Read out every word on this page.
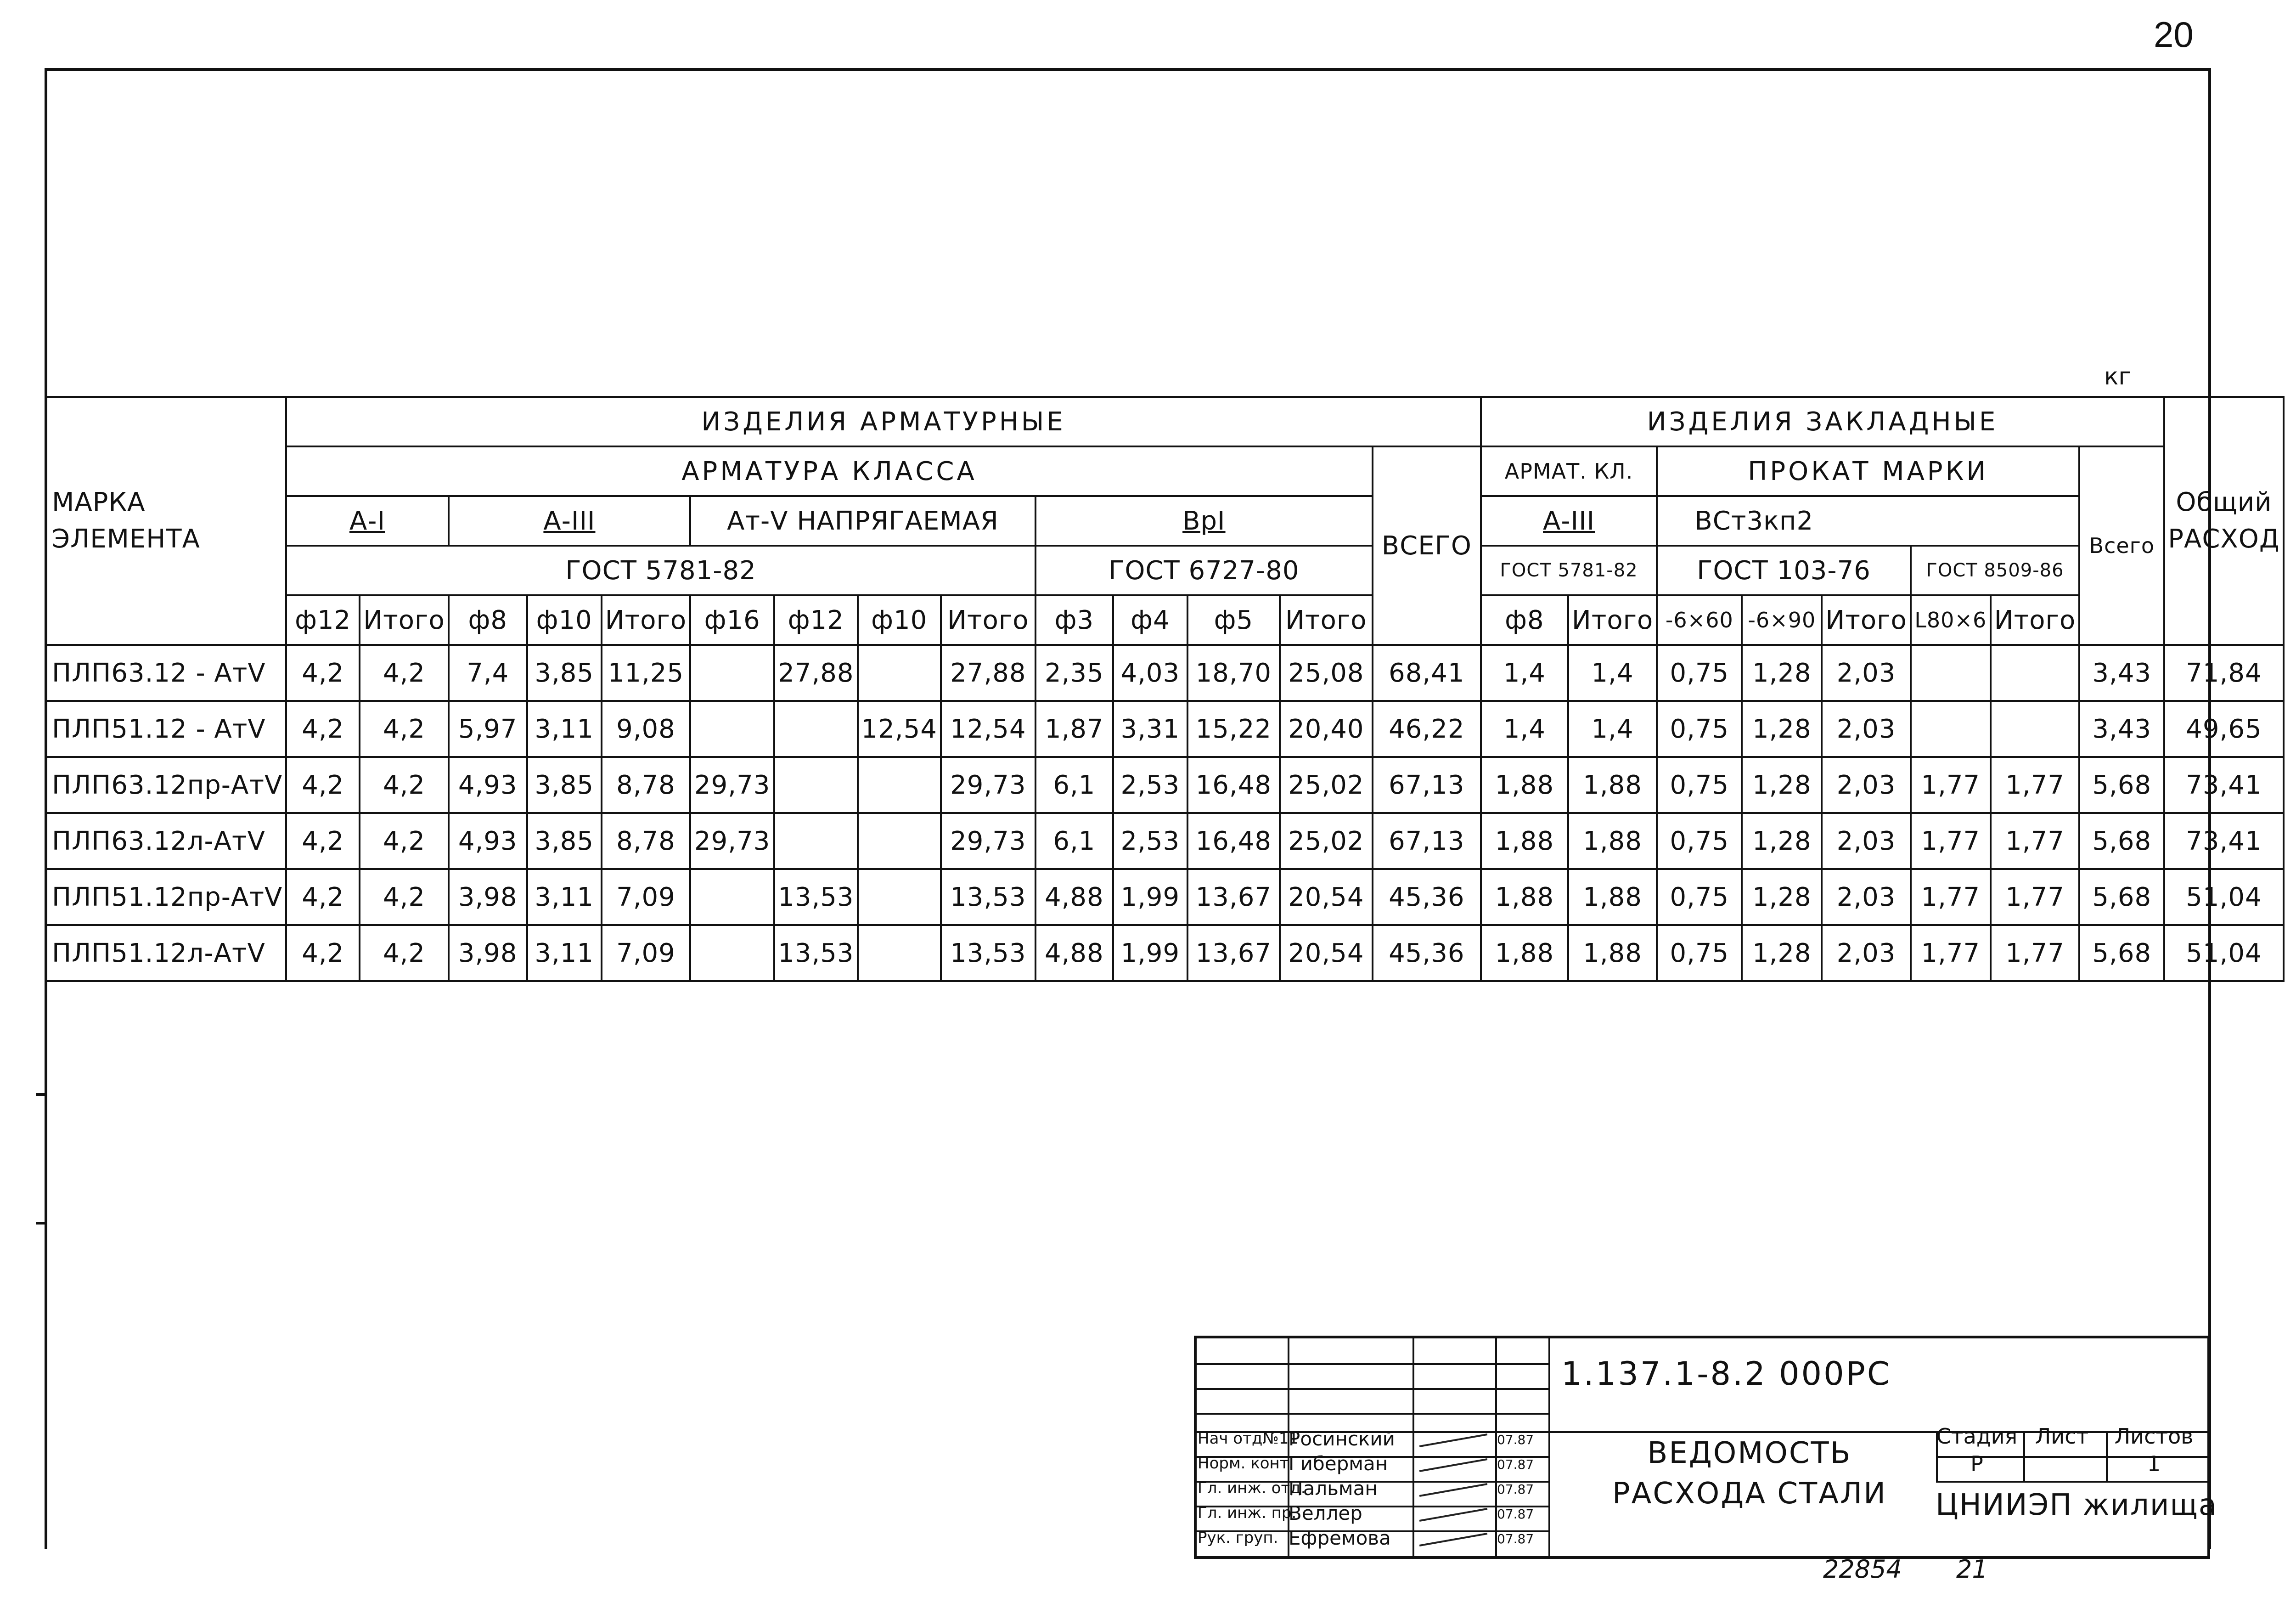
20
кг
МАРКА ЭЛЕМЕНТА	ИЗДЕЛИЯ АРМАТУРНЫЕ														ИЗДЕЛИЯ ЗАКЛАДНЫЕ								Общий
РАСХОД
	АРМАТУРА КЛАССА													ВСЕГО	АРМАТ. КЛ.		ПРОКАТ МАРКИ					Всего	
	А-I		А-III			Ат-V НАПРЯГАЕМАЯ				ВpI					А-III		ВСт3кп2						
	ГОСТ 5781-82									ГОСТ 6727-80					ГОСТ 5781-82		ГОСТ 103-76			ГОСТ 8509-86			
	ф12	Итого	ф8	ф10	Итого	ф16	ф12	ф10	Итого	ф3	ф4	ф5	Итого		ф8	Итого	-6×60	-6×90	Итого	L80×6	Итого		
ПЛП63.12 - АтV	4,2	4,2	7,4	3,85	11,25		27,88		27,88	2,35	4,03	18,70	25,08	68,41	1,4	1,4	0,75	1,28	2,03			3,43	71,84
ПЛП51.12 - АтV	4,2	4,2	5,97	3,11	9,08			12,54	12,54	1,87	3,31	15,22	20,40	46,22	1,4	1,4	0,75	1,28	2,03			3,43	49,65
ПЛП63.12пр-АтV	4,2	4,2	4,93	3,85	8,78	29,73			29,73	6,1	2,53	16,48	25,02	67,13	1,88	1,88	0,75	1,28	2,03	1,77	1,77	5,68	73,41
ПЛП63.12л-АтV	4,2	4,2	4,93	3,85	8,78	29,73			29,73	6,1	2,53	16,48	25,02	67,13	1,88	1,88	0,75	1,28	2,03	1,77	1,77	5,68	73,41
ПЛП51.12пр-АтV	4,2	4,2	3,98	3,11	7,09		13,53		13,53	4,88	1,99	13,67	20,54	45,36	1,88	1,88	0,75	1,28	2,03	1,77	1,77	5,68	51,04
ПЛП51.12л-АтV	4,2	4,2	3,98	3,11	7,09		13,53		13,53	4,88	1,99	13,67	20,54	45,36	1,88	1,88	0,75	1,28	2,03	1,77	1,77	5,68	51,04
1.137.1-8.2 000РС
ВЕДОМОСТЬ РАСХОДА СТАЛИ
Стадия Лист	Листов
Р	1
ЦНИИЭП жилища
Нач отд№11
Росинский	07.87
Норм. конт.
Гиберман	07.87
Гл. инж. отд.
Пальман	07.87
Гл. инж. пр.
Веллер	07.87
Рук. груп. Ефремова	07.87
22854 21
